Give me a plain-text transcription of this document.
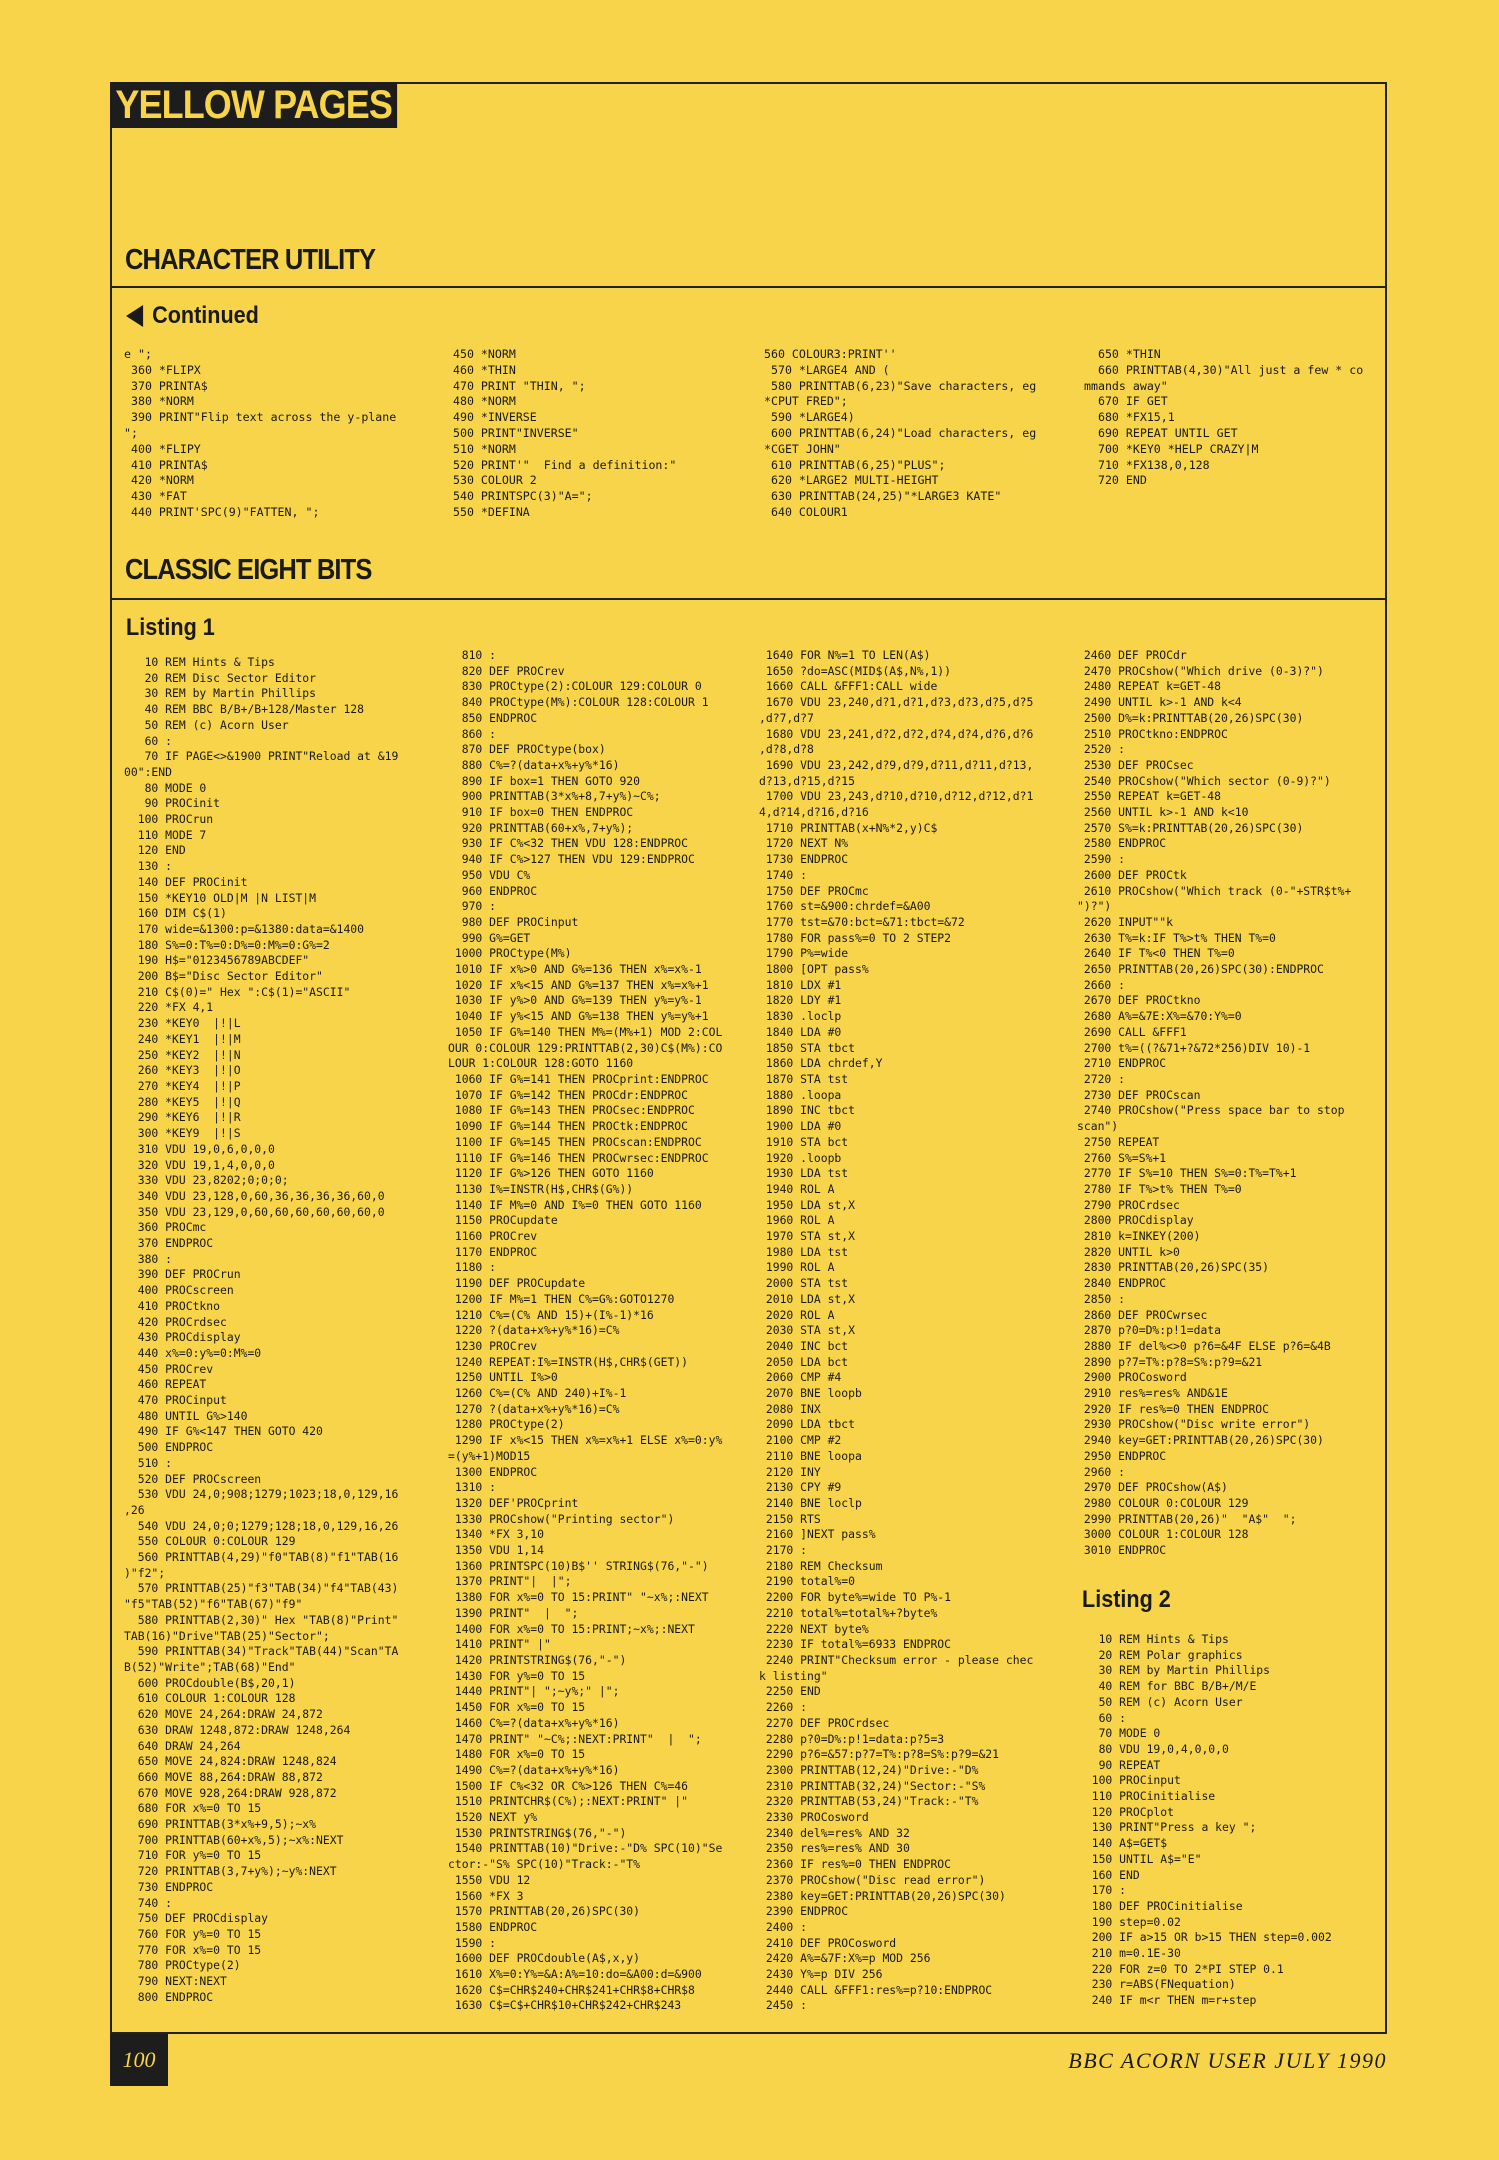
YELLOW PAGES
CHARACTER UTILITY
Continued
e ";
360 *FLIPX
370 PRINTA$
380 *NORM
390 PRINT"Flip text across the y-plane
";
400 *FLIPY
410 PRINTA$
420 *NORM
430 *FAT
440 PRINT'SPC(9)"FATTEN, ";
450 *NORM
460 *THIN
470 PRINT "THIN, ";
480 *NORM
490 *INVERSE
500 PRINT"INVERSE"
510 *NORM
520 PRINT'"  Find a definition:"
530 COLOUR 2
540 PRINTSPC(3)"A=";
550 *DEFINA
560 COLOUR3:PRINT''
570 *LARGE4 AND (
580 PRINTTAB(6,23)"Save characters, eg
*CPUT FRED";
590 *LARGE4)
600 PRINTTAB(6,24)"Load characters, eg
*CGET JOHN"
610 PRINTTAB(6,25)"PLUS";
620 *LARGE2 MULTI-HEIGHT
630 PRINTTAB(24,25)"*LARGE3 KATE"
640 COLOUR1
650 *THIN
660 PRINTTAB(4,30)"All just a few * co
mmands away"
670 IF GET
680 *FX15,1
690 REPEAT UNTIL GET
700 *KEY0 *HELP CRAZY|M
710 *FX138,0,128
720 END
CLASSIC EIGHT BITS
Listing 1
10 REM Hints & Tips
20 REM Disc Sector Editor
30 REM by Martin Phillips
40 REM BBC B/B+/B+128/Master 128
50 REM (c) Acorn User
60 :
70 IF PAGE<>&1900 PRINT"Reload at &19
00":END
80 MODE 0
90 PROCinit
100 PROCrun
110 MODE 7
120 END
130 :
140 DEF PROCinit
150 *KEY10 OLD|M |N LIST|M
160 DIM C$(1)
170 wide=&1300:p=&1380:data=&1400
180 S%=0:T%=0:D%=0:M%=0:G%=2
190 H$="0123456789ABCDEF"
200 B$="Disc Sector Editor"
210 C$(0)=" Hex ":C$(1)="ASCII"
220 *FX 4,1
230 *KEY0  |!|L
240 *KEY1  |!|M
250 *KEY2  |!|N
260 *KEY3  |!|O
270 *KEY4  |!|P
280 *KEY5  |!|Q
290 *KEY6  |!|R
300 *KEY9  |!|S
310 VDU 19,0,6,0,0,0
320 VDU 19,1,4,0,0,0
330 VDU 23,8202;0;0;0;
340 VDU 23,128,0,60,36,36,36,36,60,0
350 VDU 23,129,0,60,60,60,60,60,60,0
360 PROCmc
370 ENDPROC
380 :
390 DEF PROCrun
400 PROCscreen
410 PROCtkno
420 PROCrdsec
430 PROCdisplay
440 x%=0:y%=0:M%=0
450 PROCrev
460 REPEAT
470 PROCinput
480 UNTIL G%>140
490 IF G%<147 THEN GOTO 420
500 ENDPROC
510 :
520 DEF PROCscreen
530 VDU 24,0;908;1279;1023;18,0,129,16
,26
540 VDU 24,0;0;1279;128;18,0,129,16,26
550 COLOUR 0:COLOUR 129
560 PRINTTAB(4,29)"f0"TAB(8)"f1"TAB(16
)"f2";
570 PRINTTAB(25)"f3"TAB(34)"f4"TAB(43)
"f5"TAB(52)"f6"TAB(67)"f9"
580 PRINTTAB(2,30)" Hex "TAB(8)"Print"
TAB(16)"Drive"TAB(25)"Sector";
590 PRINTTAB(34)"Track"TAB(44)"Scan"TA
B(52)"Write";TAB(68)"End"
600 PROCdouble(B$,20,1)
610 COLOUR 1:COLOUR 128
620 MOVE 24,264:DRAW 24,872
630 DRAW 1248,872:DRAW 1248,264
640 DRAW 24,264
650 MOVE 24,824:DRAW 1248,824
660 MOVE 88,264:DRAW 88,872
670 MOVE 928,264:DRAW 928,872
680 FOR x%=0 TO 15
690 PRINTTAB(3*x%+9,5);~x%
700 PRINTTAB(60+x%,5);~x%:NEXT
710 FOR y%=0 TO 15
720 PRINTTAB(3,7+y%);~y%:NEXT
730 ENDPROC
740 :
750 DEF PROCdisplay
760 FOR y%=0 TO 15
770 FOR x%=0 TO 15
780 PROCtype(2)
790 NEXT:NEXT
800 ENDPROC
810 :
820 DEF PROCrev
830 PROCtype(2):COLOUR 129:COLOUR 0
840 PROCtype(M%):COLOUR 128:COLOUR 1
850 ENDPROC
860 :
870 DEF PROCtype(box)
880 C%=?(data+x%+y%*16)
890 IF box=1 THEN GOTO 920
900 PRINTTAB(3*x%+8,7+y%)~C%;
910 IF box=0 THEN ENDPROC
920 PRINTTAB(60+x%,7+y%);
930 IF C%<32 THEN VDU 128:ENDPROC
940 IF C%>127 THEN VDU 129:ENDPROC
950 VDU C%
960 ENDPROC
970 :
980 DEF PROCinput
990 G%=GET
1000 PROCtype(M%)
1010 IF x%>0 AND G%=136 THEN x%=x%-1
1020 IF x%<15 AND G%=137 THEN x%=x%+1
1030 IF y%>0 AND G%=139 THEN y%=y%-1
1040 IF y%<15 AND G%=138 THEN y%=y%+1
1050 IF G%=140 THEN M%=(M%+1) MOD 2:COL
OUR 0:COLOUR 129:PRINTTAB(2,30)C$(M%):CO
LOUR 1:COLOUR 128:GOTO 1160
1060 IF G%=141 THEN PROCprint:ENDPROC
1070 IF G%=142 THEN PROCdr:ENDPROC
1080 IF G%=143 THEN PROCsec:ENDPROC
1090 IF G%=144 THEN PROCtk:ENDPROC
1100 IF G%=145 THEN PROCscan:ENDPROC
1110 IF G%=146 THEN PROCwrsec:ENDPROC
1120 IF G%>126 THEN GOTO 1160
1130 I%=INSTR(H$,CHR$(G%))
1140 IF M%=0 AND I%=0 THEN GOTO 1160
1150 PROCupdate
1160 PROCrev
1170 ENDPROC
1180 :
1190 DEF PROCupdate
1200 IF M%=1 THEN C%=G%:GOTO1270
1210 C%=(C% AND 15)+(I%-1)*16
1220 ?(data+x%+y%*16)=C%
1230 PROCrev
1240 REPEAT:I%=INSTR(H$,CHR$(GET))
1250 UNTIL I%>0
1260 C%=(C% AND 240)+I%-1
1270 ?(data+x%+y%*16)=C%
1280 PROCtype(2)
1290 IF x%<15 THEN x%=x%+1 ELSE x%=0:y%
=(y%+1)MOD15
1300 ENDPROC
1310 :
1320 DEF'PROCprint
1330 PROCshow("Printing sector")
1340 *FX 3,10
1350 VDU 1,14
1360 PRINTSPC(10)B$'' STRING$(76,"-")
1370 PRINT"|  |";
1380 FOR x%=0 TO 15:PRINT" "~x%;:NEXT
1390 PRINT"  |  ";
1400 FOR x%=0 TO 15:PRINT;~x%;:NEXT
1410 PRINT" |"
1420 PRINTSTRING$(76,"-")
1430 FOR y%=0 TO 15
1440 PRINT"| ";~y%;" |";
1450 FOR x%=0 TO 15
1460 C%=?(data+x%+y%*16)
1470 PRINT" "~C%;:NEXT:PRINT"  |  ";
1480 FOR x%=0 TO 15
1490 C%=?(data+x%+y%*16)
1500 IF C%<32 OR C%>126 THEN C%=46
1510 PRINTCHR$(C%);:NEXT:PRINT" |"
1520 NEXT y%
1530 PRINTSTRING$(76,"-")
1540 PRINTTAB(10)"Drive:-"D% SPC(10)"Se
ctor:-"S% SPC(10)"Track:-"T%
1550 VDU 12
1560 *FX 3
1570 PRINTTAB(20,26)SPC(30)
1580 ENDPROC
1590 :
1600 DEF PROCdouble(A$,x,y)
1610 X%=0:Y%=&A:A%=10:do=&A00:d=&900
1620 C$=CHR$240+CHR$241+CHR$8+CHR$8
1630 C$=C$+CHR$10+CHR$242+CHR$243
1640 FOR N%=1 TO LEN(A$)
1650 ?do=ASC(MID$(A$,N%,1))
1660 CALL &FFF1:CALL wide
1670 VDU 23,240,d?1,d?1,d?3,d?3,d?5,d?5
,d?7,d?7
1680 VDU 23,241,d?2,d?2,d?4,d?4,d?6,d?6
,d?8,d?8
1690 VDU 23,242,d?9,d?9,d?11,d?11,d?13,
d?13,d?15,d?15
1700 VDU 23,243,d?10,d?10,d?12,d?12,d?1
4,d?14,d?16,d?16
1710 PRINTTAB(x+N%*2,y)C$
1720 NEXT N%
1730 ENDPROC
1740 :
1750 DEF PROCmc
1760 st=&900:chrdef=&A00
1770 tst=&70:bct=&71:tbct=&72
1780 FOR pass%=0 TO 2 STEP2
1790 P%=wide
1800 [OPT pass%
1810 LDX #1
1820 LDY #1
1830 .loclp
1840 LDA #0
1850 STA tbct
1860 LDA chrdef,Y
1870 STA tst
1880 .loopa
1890 INC tbct
1900 LDA #0
1910 STA bct
1920 .loopb
1930 LDA tst
1940 ROL A
1950 LDA st,X
1960 ROL A
1970 STA st,X
1980 LDA tst
1990 ROL A
2000 STA tst
2010 LDA st,X
2020 ROL A
2030 STA st,X
2040 INC bct
2050 LDA bct
2060 CMP #4
2070 BNE loopb
2080 INX
2090 LDA tbct
2100 CMP #2
2110 BNE loopa
2120 INY
2130 CPY #9
2140 BNE loclp
2150 RTS
2160 ]NEXT pass%
2170 :
2180 REM Checksum
2190 total%=0
2200 FOR byte%=wide TO P%-1
2210 total%=total%+?byte%
2220 NEXT byte%
2230 IF total%=6933 ENDPROC
2240 PRINT"Checksum error - please chec
k listing"
2250 END
2260 :
2270 DEF PROCrdsec
2280 p?0=D%:p!1=data:p?5=3
2290 p?6=&57:p?7=T%:p?8=S%:p?9=&21
2300 PRINTTAB(12,24)"Drive:-"D%
2310 PRINTTAB(32,24)"Sector:-"S%
2320 PRINTTAB(53,24)"Track:-"T%
2330 PROCosword
2340 del%=res% AND 32
2350 res%=res% AND 30
2360 IF res%=0 THEN ENDPROC
2370 PROCshow("Disc read error")
2380 key=GET:PRINTTAB(20,26)SPC(30)
2390 ENDPROC
2400 :
2410 DEF PROCosword
2420 A%=&7F:X%=p MOD 256
2430 Y%=p DIV 256
2440 CALL &FFF1:res%=p?10:ENDPROC
2450 :
2460 DEF PROCdr
2470 PROCshow("Which drive (0-3)?")
2480 REPEAT k=GET-48
2490 UNTIL k>-1 AND k<4
2500 D%=k:PRINTTAB(20,26)SPC(30)
2510 PROCtkno:ENDPROC
2520 :
2530 DEF PROCsec
2540 PROCshow("Which sector (0-9)?")
2550 REPEAT k=GET-48
2560 UNTIL k>-1 AND k<10
2570 S%=k:PRINTTAB(20,26)SPC(30)
2580 ENDPROC
2590 :
2600 DEF PROCtk
2610 PROCshow("Which track (0-"+STR$t%+
")?")
2620 INPUT""k
2630 T%=k:IF T%>t% THEN T%=0
2640 IF T%<0 THEN T%=0
2650 PRINTTAB(20,26)SPC(30):ENDPROC
2660 :
2670 DEF PROCtkno
2680 A%=&7E:X%=&70:Y%=0
2690 CALL &FFF1
2700 t%=((?&71+?&72*256)DIV 10)-1
2710 ENDPROC
2720 :
2730 DEF PROCscan
2740 PROCshow("Press space bar to stop
scan")
2750 REPEAT
2760 S%=S%+1
2770 IF S%=10 THEN S%=0:T%=T%+1
2780 IF T%>t% THEN T%=0
2790 PROCrdsec
2800 PROCdisplay
2810 k=INKEY(200)
2820 UNTIL k>0
2830 PRINTTAB(20,26)SPC(35)
2840 ENDPROC
2850 :
2860 DEF PROCwrsec
2870 p?0=D%:p!1=data
2880 IF del%<>0 p?6=&4F ELSE p?6=&4B
2890 p?7=T%:p?8=S%:p?9=&21
2900 PROCosword
2910 res%=res% AND&1E
2920 IF res%=0 THEN ENDPROC
2930 PROCshow("Disc write error")
2940 key=GET:PRINTTAB(20,26)SPC(30)
2950 ENDPROC
2960 :
2970 DEF PROCshow(A$)
2980 COLOUR 0:COLOUR 129
2990 PRINTTAB(20,26)"  "A$"  ";
3000 COLOUR 1:COLOUR 128
3010 ENDPROC
Listing 2
10 REM Hints & Tips
20 REM Polar graphics
30 REM by Martin Phillips
40 REM for BBC B/B+/M/E
50 REM (c) Acorn User
60 :
70 MODE 0
80 VDU 19,0,4,0,0,0
90 REPEAT
100 PROCinput
110 PROCinitialise
120 PROCplot
130 PRINT"Press a key ";
140 A$=GET$
150 UNTIL A$="E"
160 END
170 :
180 DEF PROCinitialise
190 step=0.02
200 IF a>15 OR b>15 THEN step=0.002
210 m=0.1E-30
220 FOR z=0 TO 2*PI STEP 0.1
230 r=ABS(FNequation)
240 IF m<r THEN m=r+step
100	BBC ACORN USER JULY 1990
